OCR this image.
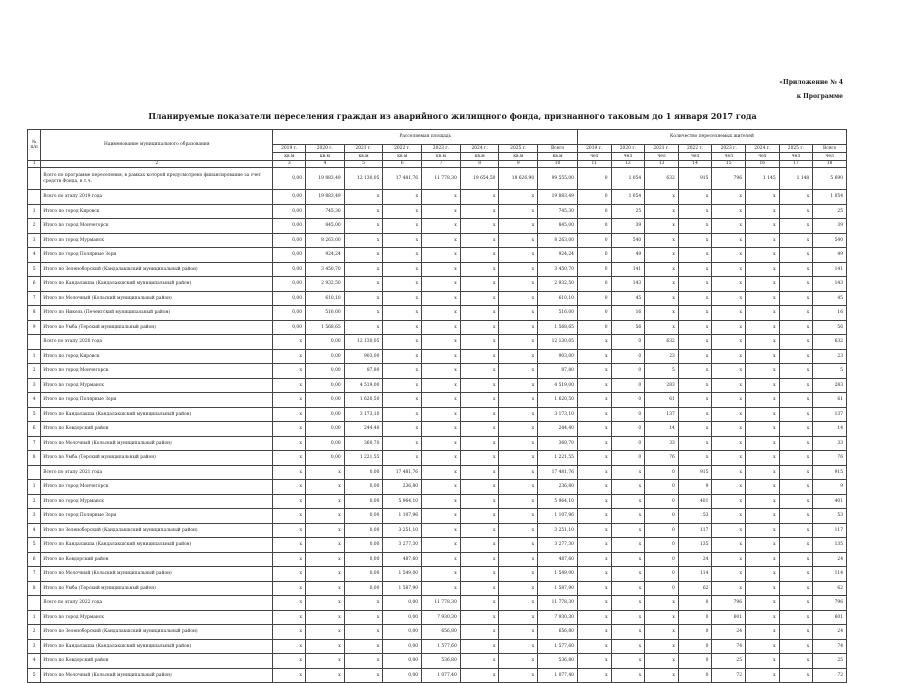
«Приложение № 4
к Программе
Планируемые показатели переселения граждан из аварийного жилищного фонда, признанного таковым до 1 января 2017 года
№ п/п	Наименование муниципального образования	Расселяемая площадь								Количество переселяемых жителей							
		2019 г.	2020 г.	2021 г.	2022 г.	2023 г.	2024 г.	2025 г.	Всего	2019 г.	2020 г.	2021 г.	2022 г.	2023 г.	2024 г.	2025 г.	Всего
		кв.м	кв.м	кв.м	кв.м	кв.м	кв.м	кв.м	кв.м	чел	чел	чел	чел	чел	чел	чел	чел
1	2	3	4	5	6	7	8	9	10	11	12	13	14	15	16	17	18
	Всего по программе переселения, в рамках которой предусмотрено финансирование за счет средств Фонда, в т.ч.	0,00	19 883,49	12 130,05	17 481,76	11 778,30	19 654,50	18 626,90	99 555,00	0	1 054	632	915	796	1 145	1 148	5 690
	Всего по этапу 2019 года	0,00	19 883,49	x	x	x	x	x	19 883,49	0	1 054	x	x	x	x	x	1 054
1	Итого по город Кировск	0,00	745,30	x	x	x	x	x	745,30	0	25	x	x	x	x	x	25
2	Итого по город Мончегорск	0,00	845,00	x	x	x	x	x	845,00	0	39	x	x	x	x	x	39
3	Итого по город Мурманск	0,00	8 263,00	x	x	x	x	x	8 263,00	0	540	x	x	x	x	x	540
4	Итого по город Полярные Зори	0,00	924,24	x	x	x	x	x	924,24	0	49	x	x	x	x	x	49
5	Итого по Зеленоборский (Кандалакшский муниципальный район)	0,00	3 450,70	x	x	x	x	x	3 450,70	0	141	x	x	x	x	x	141
6	Итого по Кандалакша (Кандалакшский муниципальный район)	0,00	2 932,50	x	x	x	x	x	2 932,50	0	143	x	x	x	x	x	143
7	Итого по Молочный (Кольский муниципальный район)	0,00	610,10	x	x	x	x	x	610,10	0	45	x	x	x	x	x	45
8	Итого по Никель (Печенгский муниципальный район)	0,00	516,00	x	x	x	x	x	516,00	0	16	x	x	x	x	x	16
9	Итого по Умба (Терский муниципальный район)	0,00	1 568,65	x	x	x	x	x	1 568,65	0	56	x	x	x	x	x	56
	Всего по этапу 2020 года	x	0,00	12 130,05	x	x	x	x	12 130,05	x	0	632	x	x	x	x	632
1	Итого по город Кировск	x	0,00	903,00	x	x	x	x	903,00	x	0	23	x	x	x	x	23
2	Итого по город Мончегорск	x	0,00	87,80	x	x	x	x	87,80	x	0	5	x	x	x	x	5
3	Итого по город Мурманск	x	0,00	4 519,00	x	x	x	x	4 519,00	x	0	283	x	x	x	x	283
4	Итого по город Полярные Зори	x	0,00	1 620,50	x	x	x	x	1 620,50	x	0	61	x	x	x	x	61
5	Итого по Кандалакша (Кандалакшский муниципальный район)	x	0,00	3 173,10	x	x	x	x	3 173,10	x	0	137	x	x	x	x	137
6	Итого по Ковдорский район	x	0,00	244,40	x	x	x	x	244,40	x	0	14	x	x	x	x	14
7	Итого по Молочный (Кольский муниципальный район)	x	0,00	360,70	x	x	x	x	360,70	x	0	33	x	x	x	x	33
8	Итого по Умба (Терский муниципальный район)	x	0,00	1 221,55	x	x	x	x	1 221,55	x	0	76	x	x	x	x	76
	Всего по этапу 2021 года	x	x	0,00	17 481,76	x	x	x	17 481,76	x	x	0	915	x	x	x	915
1	Итого по город Мончегорск	x	x	0,00	236,80	x	x	x	236,80	x	x	0	9	x	x	x	9
2	Итого по город Мурманск	x	x	0,00	5 964,10	x	x	x	5 964,10	x	x	0	401	x	x	x	401
3	Итого по город Полярные Зори	x	x	0,00	1 107,96	x	x	x	1 107,96	x	x	0	53	x	x	x	53
4	Итого по Зеленоборский (Кандалакшский муниципальный район)	x	x	0,00	3 251,10	x	x	x	3 251,10	x	x	0	117	x	x	x	117
5	Итого по Кандалакша (Кандалакшский муниципальный район)	x	x	0,00	3 277,30	x	x	x	3 277,30	x	x	0	135	x	x	x	135
6	Итого по Ковдорский район	x	x	0,00	487,60	x	x	x	487,60	x	x	0	24	x	x	x	24
7	Итого по Молочный (Кольский муниципальный район)	x	x	0,00	1 549,00	x	x	x	1 549,00	x	x	0	114	x	x	x	114
8	Итого по Умба (Терский муниципальный район)	x	x	0,00	1 587,90	x	x	x	1 587,90	x	x	0	62	x	x	x	62
	Всего по этапу 2022 года	x	x	x	0,00	11 778,30	x	x	11 778,30	x	x	x	0	796	x	x	796
1	Итого по город Мурманск	x	x	x	0,00	7 930,30	x	x	7 930,30	x	x	x	0	601	x	x	601
2	Итого по Зеленоборский (Кандалакшский муниципальный район)	x	x	x	0,00	656,80	x	x	656,80	x	x	x	0	24	x	x	24
3	Итого по Кандалакша (Кандалакшский муниципальный район)	x	x	x	0,00	1 577,60	x	x	1 577,60	x	x	x	0	74	x	x	74
4	Итого по Ковдорский район	x	x	x	0,00	536,80	x	x	536,80	x	x	x	0	25	x	x	25
5	Итого по Молочный (Кольский муниципальный район)	x	x	x	0,00	1 077,40	x	x	1 077,40	x	x	x	0	72	x	x	72
